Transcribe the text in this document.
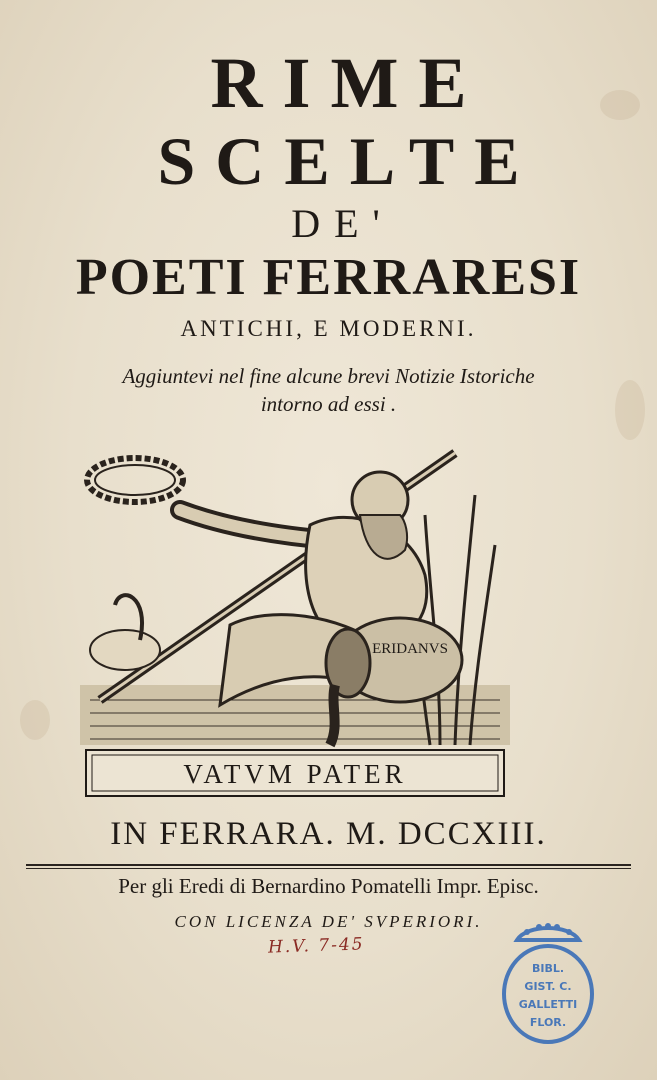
RIME
SCELTE
DE'
POETI FERRARESI
ANTICHI, E MODERNI.
Aggiuntevi nel fine alcune brevi Notizie Istoriche
intorno ad essi .
ERIDANVS
VATVM PATER
IN FERRARA. M. DCCXIII.
Per gli Eredi di Bernardino Pomatelli Impr. Episc.
CON LICENZA DE' SVPERIORI.
H.V. 7-45
BIBL.
GIST. C.
GALLETTI
FLOR.
